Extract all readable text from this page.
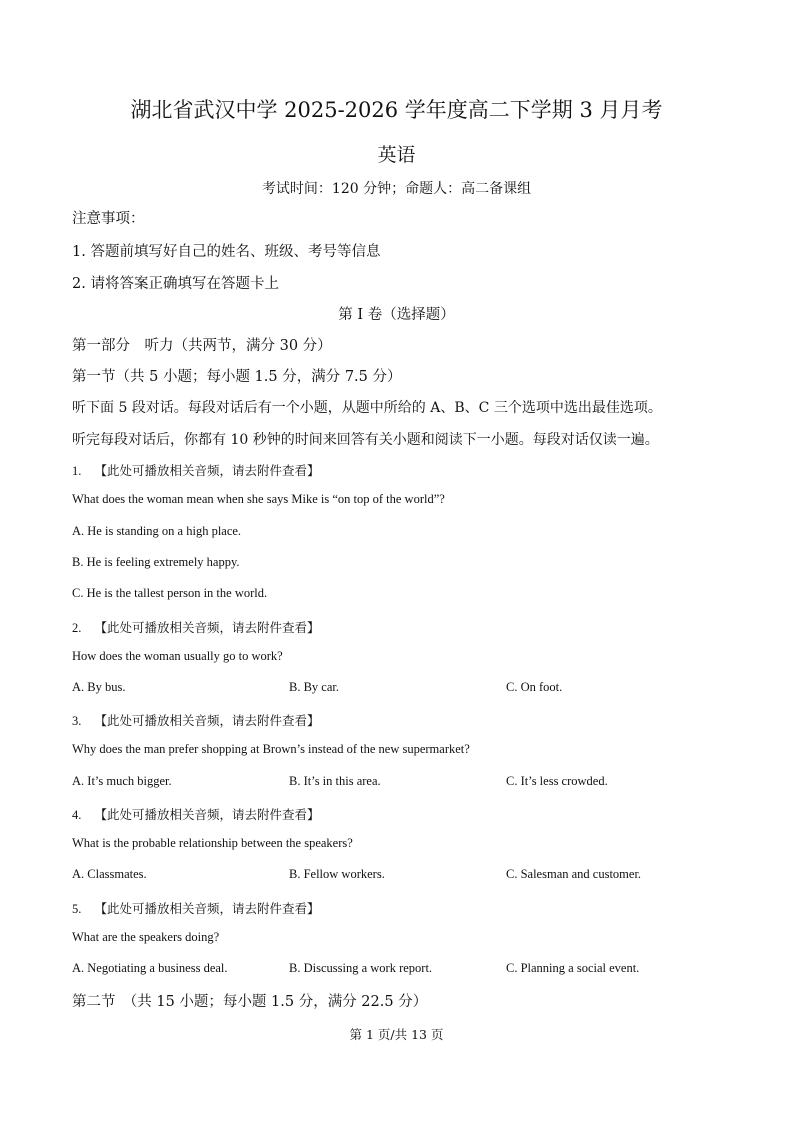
湖北省武汉中学 2025-2026 学年度高二下学期 3 月月考
英语
考试时间：120 分钟；命题人：高二备课组
注意事项：
1. 答题前填写好自己的姓名、班级、考号等信息
2. 请将答案正确填写在答题卡上
第 I 卷（选择题）
第一部分　听力（共两节，满分 30 分）
第一节（共 5 小题；每小题 1.5 分，满分 7.5 分）
听下面 5 段对话。每段对话后有一个小题，从题中所给的 A、B、C 三个选项中选出最佳选项。
听完每段对话后，你都有 10 秒钟的时间来回答有关小题和阅读下一小题。每段对话仅读一遍。
1. 【此处可播放相关音频，请去附件查看】
What does the woman mean when she says Mike is “on top of the world”?
A. He is standing on a high place.
B. He is feeling extremely happy.
C. He is the tallest person in the world.
2. 【此处可播放相关音频，请去附件查看】
How does the woman usually go to work?
A. By bus.	B. By car.	C. On foot.
3. 【此处可播放相关音频，请去附件查看】
Why does the man prefer shopping at Brown’s instead of the new supermarket?
A. It’s much bigger.	B. It’s in this area.	C. It’s less crowded.
4. 【此处可播放相关音频，请去附件查看】
What is the probable relationship between the speakers?
A. Classmates.	B. Fellow workers.	C. Salesman and customer.
5. 【此处可播放相关音频，请去附件查看】
What are the speakers doing?
A. Negotiating a business deal.	B. Discussing a work report.	C. Planning a social event.
第二节　（共 15 小题；每小题 1.5 分，满分 22.5 分）
第 1 页/共 13 页
